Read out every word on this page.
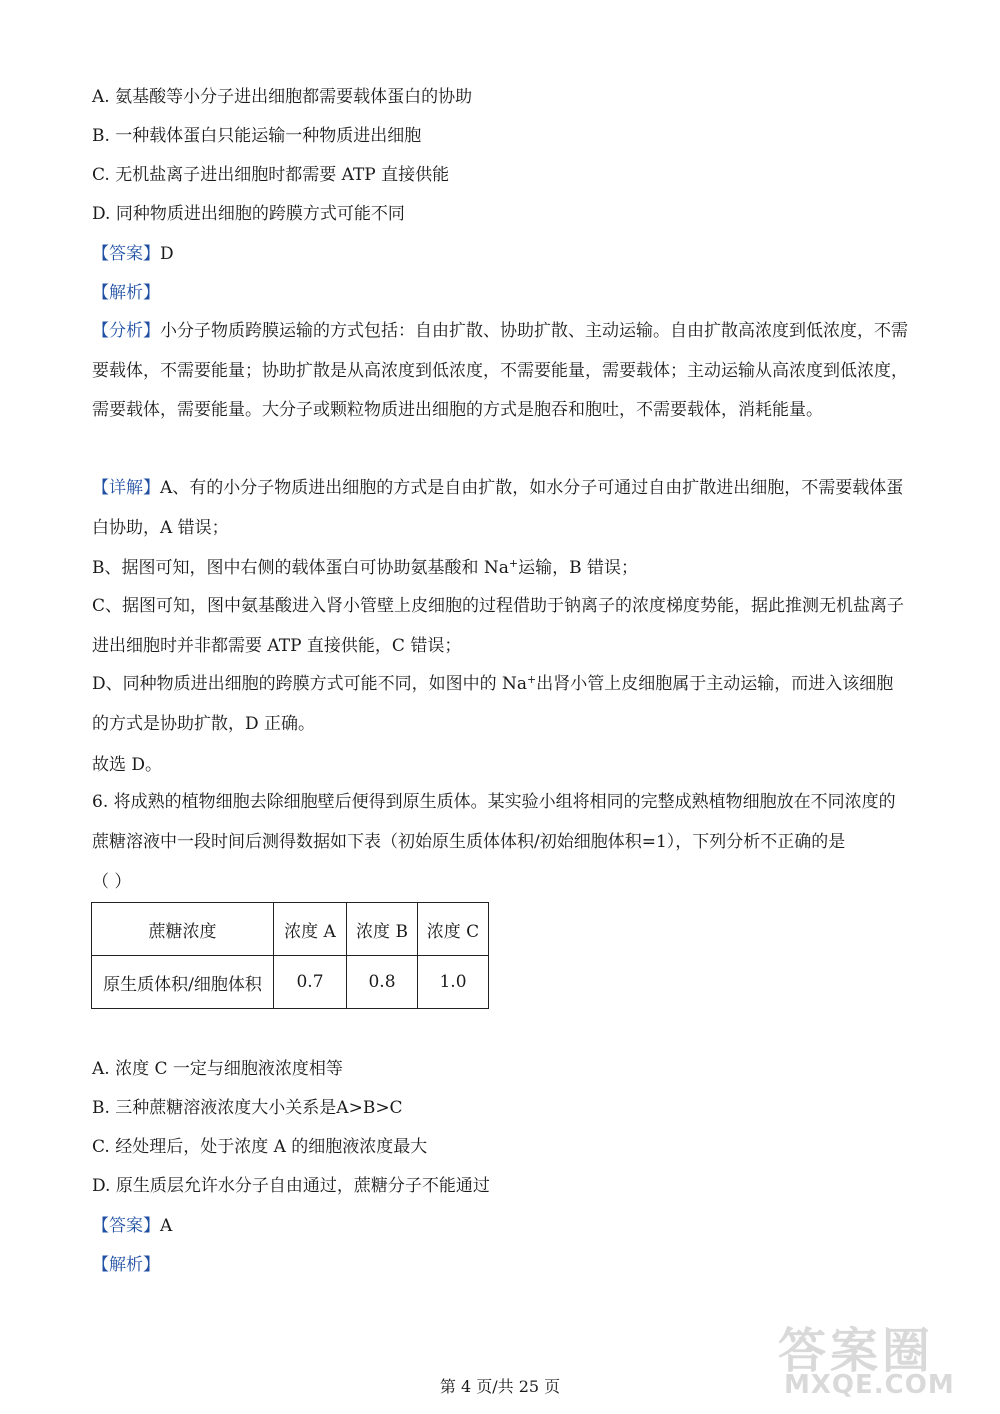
A. 氨基酸等小分子进出细胞都需要载体蛋白的协助
B. 一种载体蛋白只能运输一种物质进出细胞
C. 无机盐离子进出细胞时都需要 ATP 直接供能
D. 同种物质进出细胞的跨膜方式可能不同
【答案】D
【解析】
【分析】小分子物质跨膜运输的方式包括：自由扩散、协助扩散、主动运输。自由扩散高浓度到低浓度，不需要载体，不需要能量；协助扩散是从高浓度到低浓度，不需要能量，需要载体；主动运输从高浓度到低浓度，需要载体，需要能量。大分子或颗粒物质进出细胞的方式是胞吞和胞吐，不需要载体，消耗能量。
【详解】A、有的小分子物质进出细胞的方式是自由扩散，如水分子可通过自由扩散进出细胞，不需要载体蛋白协助，A 错误；
B、据图可知，图中右侧的载体蛋白可协助氨基酸和 Na+运输，B 错误；
C、据图可知，图中氨基酸进入肾小管壁上皮细胞的过程借助于钠离子的浓度梯度势能，据此推测无机盐离子进出细胞时并非都需要 ATP 直接供能，C 错误；
D、同种物质进出细胞的跨膜方式可能不同，如图中的 Na+出肾小管上皮细胞属于主动运输，而进入该细胞的方式是协助扩散，D 正确。
故选 D。
6. 将成熟的植物细胞去除细胞壁后便得到原生质体。某实验小组将相同的完整成熟植物细胞放在不同浓度的蔗糖溶液中一段时间后测得数据如下表（初始原生质体体积/初始细胞体积=1），下列分析不正确的是
（ ）
蔗糖浓度	浓度 A	浓度 B	浓度 C
原生质体积/细胞体积	0.7	0.8	1.0
A. 浓度 C 一定与细胞液浓度相等
B. 三种蔗糖溶液浓度大小关系是A>B>C
C. 经处理后，处于浓度 A 的细胞液浓度最大
D. 原生质层允许水分子自由通过，蔗糖分子不能通过
【答案】A
【解析】
第 4 页/共 25 页
答案圈
MXQE.COM
